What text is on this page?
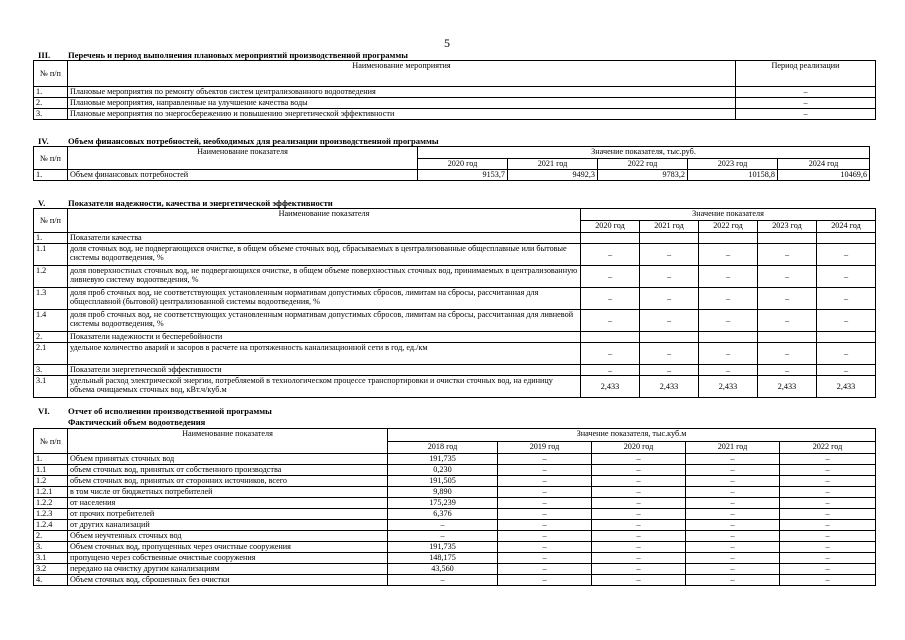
5
III. Перечень и период выполнения плановых мероприятий производственной программы
№ п/п	Наименование мероприятия	Период реализации
1.	Плановые мероприятия по ремонту объектов систем централизованного водоотведения	–
2.	Плановые мероприятия, направленные на улучшение качества воды	–
3.	Плановые мероприятия по энергосбережению и повышению энергетической эффективности	–
IV. Объем финансовых потребностей, необходимых для реализации производственной программы
№ п/п	Наименование показателя	Значение показателя, тыс.руб.				
		2020 год	2021 год	2022 год	2023 год	2024 год
1.	Объем финансовых потребностей	9153,7	9492,3	9783,2	10158,8	10469,6
V.	Показатели надежности, качества и энергетической эффективности
№ п/п	Наименование показателя	Значение показателя				
		2020 год	2021 год	2022 год	2023 год	2024 год
1.	Показатели качества					
1.1	доля сточных вод, не подвергающихся очистке, в общем объеме сточных вод, сбрасываемых в централизованные общесплавные или бытовые системы водоотведения, %	–	–	–	–	–
1.2	доля поверхностных сточных вод, не подвергающихся очистке, в общем объеме поверхностных сточных вод, принимаемых в централизованную ливневую систему водоотведения, %	–	–	–	–	–
1.3	доля проб сточных вод, не соответствующих установленным нормативам допустимых сбросов, лимитам на сбросы, рассчитанная для общесплавной (бытовой) централизованной системы водоотведения, %	–	–	–	–	–
1.4	доля проб сточных вод, не соответствующих установленным нормативам допустимых сбросов, лимитам на сбросы, рассчитанная для ливневой системы водоотведения, %	–	–	–	–	–
2.	Показатели надежности и бесперебойности					
2.1	удельное количество аварий и засоров в расчете на протяженность канализационной сети в год, ед./км	–	–	–	–	–
3.	Показатели энергетической эффективности	–	–	–	–	–
3.1	удельный расход электрической энергии, потребляемой в технологическом процессе транспортировки и очистки сточных вод, на единицу объема очищаемых сточных вод, кВт.ч/куб.м	2,433	2,433	2,433	2,433	2,433
VI. Отчет об исполнении производственной программы
Фактический объем водоотведения
№ п/п	Наименование показателя	Значение показателя, тыс.куб.м				
		2018 год	2019 год	2020 год	2021 год	2022 год
1.	Объем принятых сточных вод	191,735	–	–	–	–
1.1	объем сточных вод, принятых от собственного производства	0,230	–	–	–	–
1.2	объем сточных вод, принятых от сторонних источников, всего	191,505	–	–	–	–
1.2.1	в том числе от бюджетных потребителей	9,890	–	–	–	–
1.2.2	от населения	175,239	–	–	–	–
1.2.3	от прочих потребителей	6,376	–	–	–	–
1.2.4	от других канализаций	–	–	–	–	–
2.	Объем неучтенных сточных вод	–	–	–	–	–
3.	Объем сточных вод, пропущенных через очистные сооружения	191,735	–	–	–	–
3.1	пропущено через собственные очистные сооружения	148,175	–	–	–	–
3.2	передано на очистку другим канализациям	43,560	–	–	–	–
4.	Объем сточных вод, сброшенных без очистки	–	–	–	–	–
